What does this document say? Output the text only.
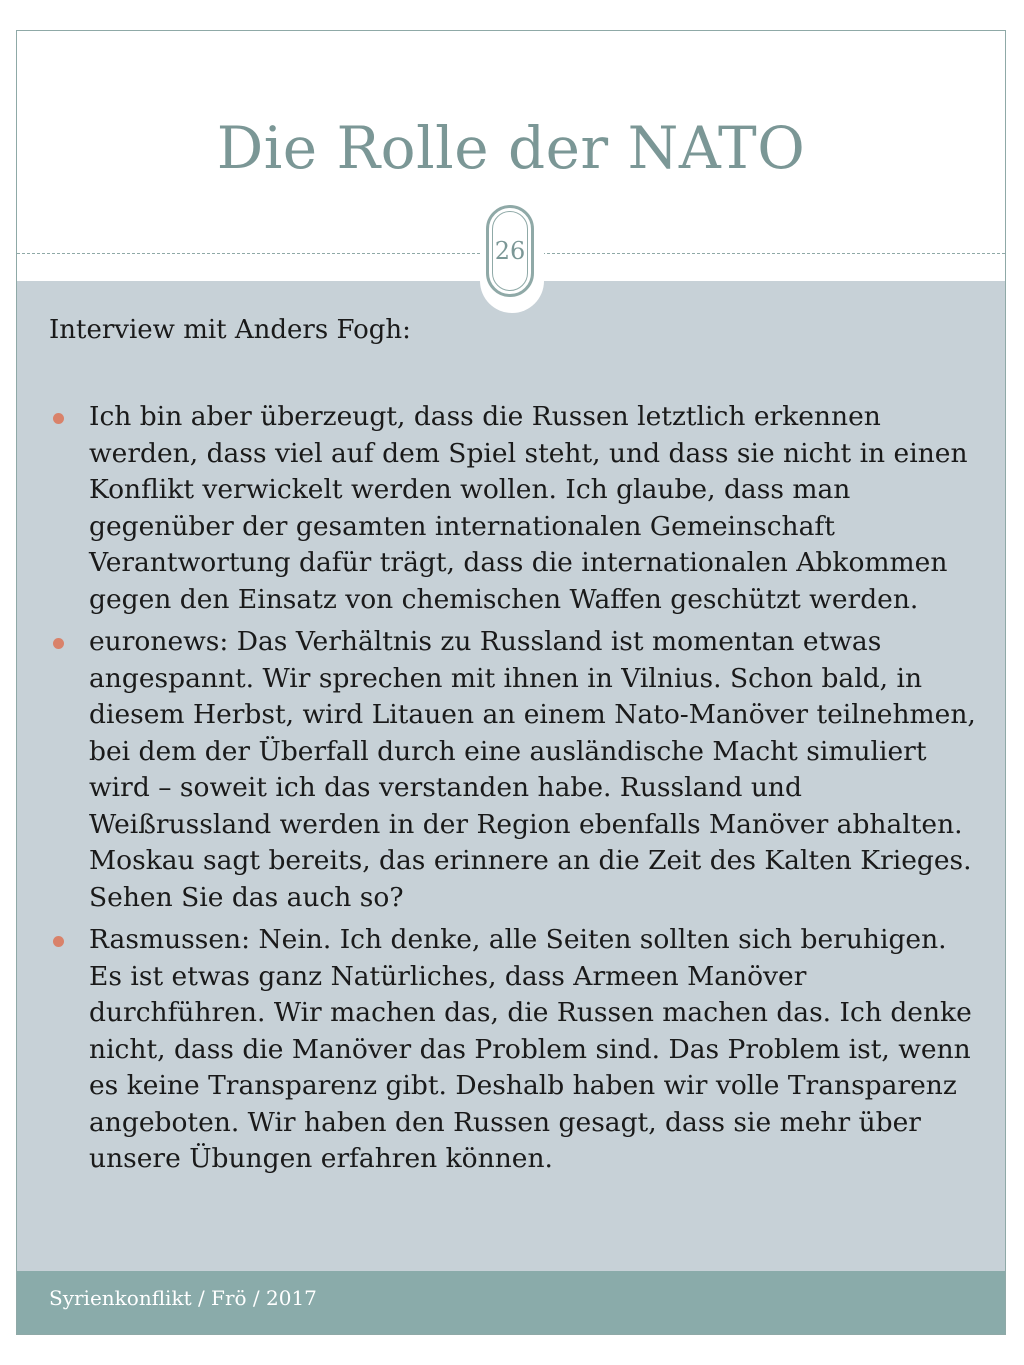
Die Rolle der NATO
26
Interview mit Anders Fogh:
Ich bin aber überzeugt, dass die Russen letztlich erkennen werden, dass viel auf dem Spiel steht, und dass sie nicht in einen Konflikt verwickelt werden wollen. Ich glaube, dass man gegenüber der gesamten internationalen Gemeinschaft Verantwortung dafür trägt, dass die internationalen Abkommen gegen den Einsatz von chemischen Waffen geschützt werden.
euronews: Das Verhältnis zu Russland ist momentan etwas angespannt. Wir sprechen mit ihnen in Vilnius. Schon bald, in diesem Herbst, wird Litauen an einem Nato-Manöver teilnehmen, bei dem der Überfall durch eine ausländische Macht simuliert wird – soweit ich das verstanden habe. Russland und Weißrussland werden in der Region ebenfalls Manöver abhalten. Moskau sagt bereits, das erinnere an die Zeit des Kalten Krieges. Sehen Sie das auch so?
Rasmussen: Nein. Ich denke, alle Seiten sollten sich beruhigen. Es ist etwas ganz Natürliches, dass Armeen Manöver durchführen. Wir machen das, die Russen machen das. Ich denke nicht, dass die Manöver das Problem sind. Das Problem ist, wenn es keine Transparenz gibt. Deshalb haben wir volle Transparenz angeboten. Wir haben den Russen gesagt, dass sie mehr über unsere Übungen erfahren können.
Syrienkonflikt / Frö / 2017
